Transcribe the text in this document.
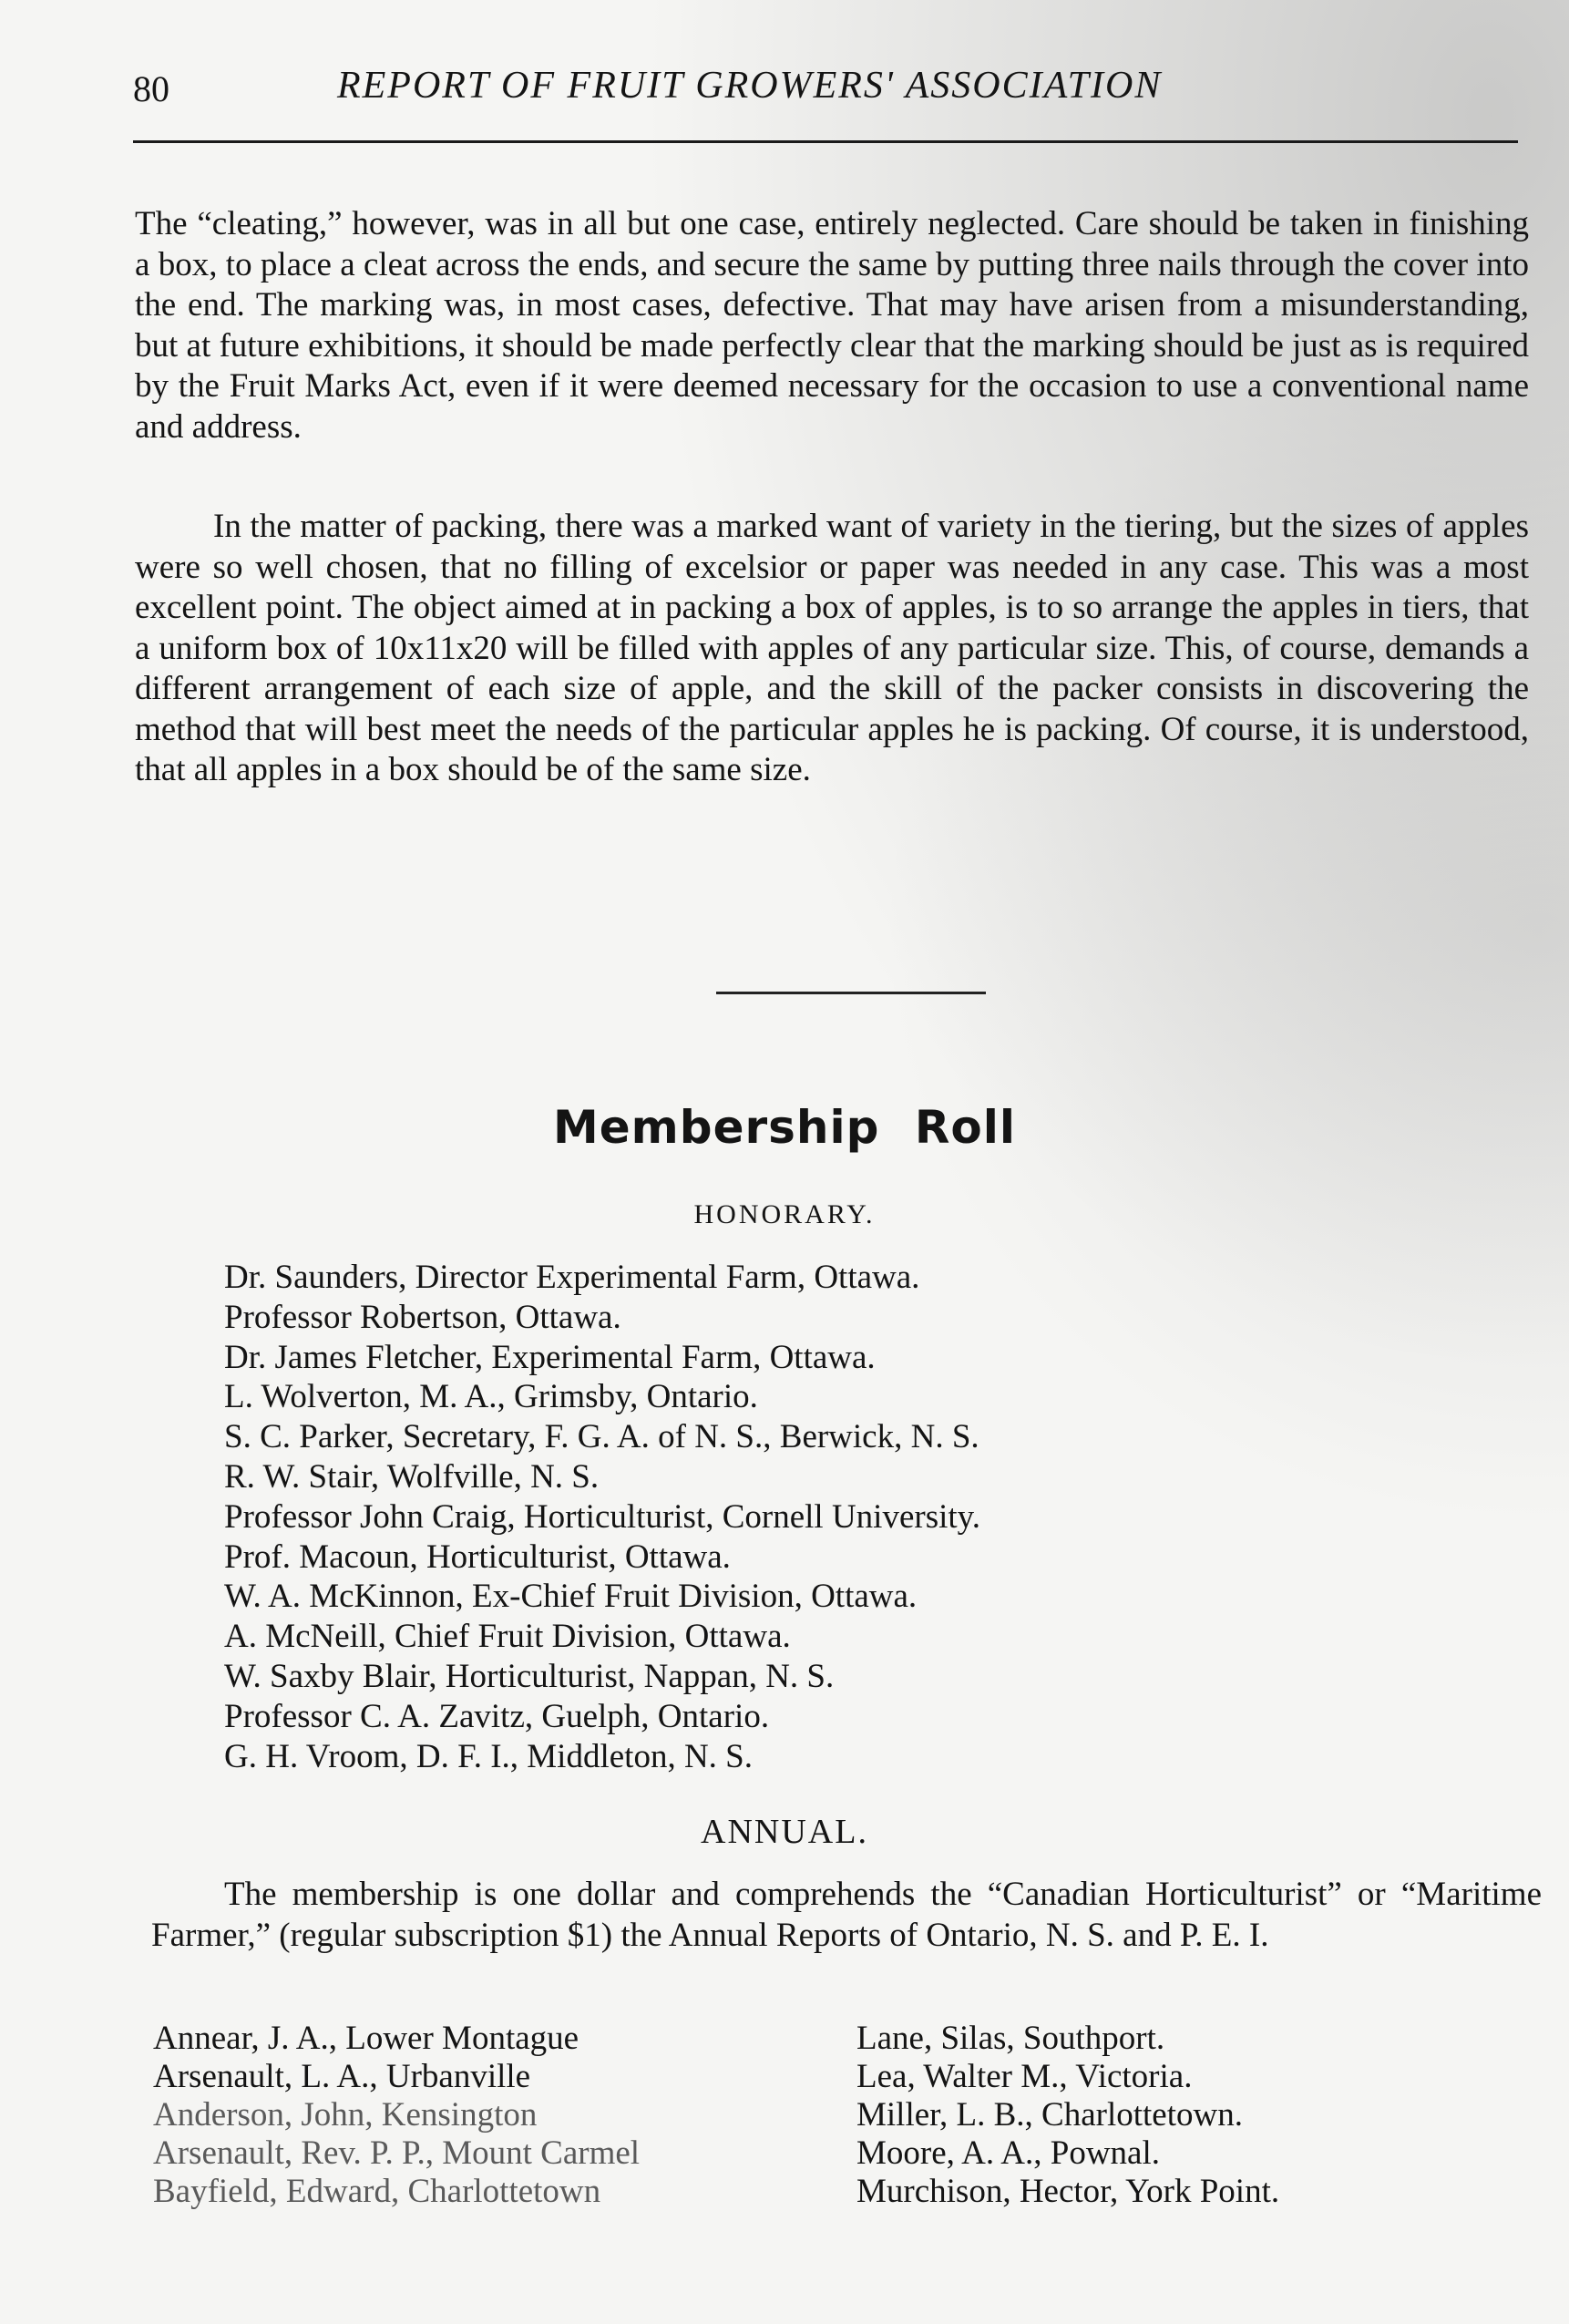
80	REPORT OF FRUIT GROWERS' ASSOCIATION

The “cleating,” however, was in all but one case, entirely neglected. Care should be taken in finishing a box, to place a cleat across the ends, and secure the same by putting three nails through the cover into the end. The marking was, in most cases, defective. That may have arisen from a misunderstanding, but at future exhibitions, it should be made perfectly clear that the marking should be just as is required by the Fruit Marks Act, even if it were deemed necessary for the occasion to use a conventional name and address.

In the matter of packing, there was a marked want of variety in the tiering, but the sizes of apples were so well chosen, that no filling of excelsior or paper was needed in any case. This was a most excellent point. The object aimed at in packing a box of apples, is to so arrange the apples in tiers, that a uniform box of 10x11x20 will be filled with apples of any particular size. This, of course, demands a different arrangement of each size of apple, and the skill of the packer consists in discovering the method that will best meet the needs of the particular apples he is packing. Of course, it is understood, that all apples in a box should be of the same size.

Membership Roll
HONORARY.
Dr. Saunders, Director Experimental Farm, Ottawa.
Professor Robertson, Ottawa.
Dr. James Fletcher, Experimental Farm, Ottawa.
L. Wolverton, M. A., Grimsby, Ontario.
S. C. Parker, Secretary, F. G. A. of N. S., Berwick, N. S.
R. W. Stair, Wolfville, N. S.
Professor John Craig, Horticulturist, Cornell University.
Prof. Macoun, Horticulturist, Ottawa.
W. A. McKinnon, Ex-Chief Fruit Division, Ottawa.
A. McNeill, Chief Fruit Division, Ottawa.
W. Saxby Blair, Horticulturist, Nappan, N. S.
Professor C. A. Zavitz, Guelph, Ontario.
G. H. Vroom, D. F. I., Middleton, N. S.
ANNUAL.

The membership is one dollar and comprehends the “Canadian Horticulturist” or “Maritime Farmer,” (regular subscription $1) the Annual Reports of Ontario, N. S. and P. E. I.

Annear, J. A., Lower Montague
Arsenault, L. A., Urbanville
Anderson, John, Kensington
Arsenault, Rev. P. P., Mount Carmel
Bayfield, Edward, Charlottetown
Lane, Silas, Southport.
Lea, Walter M., Victoria.
Miller, L. B., Charlottetown.
Moore, A. A., Pownal.
Murchison, Hector, York Point.
